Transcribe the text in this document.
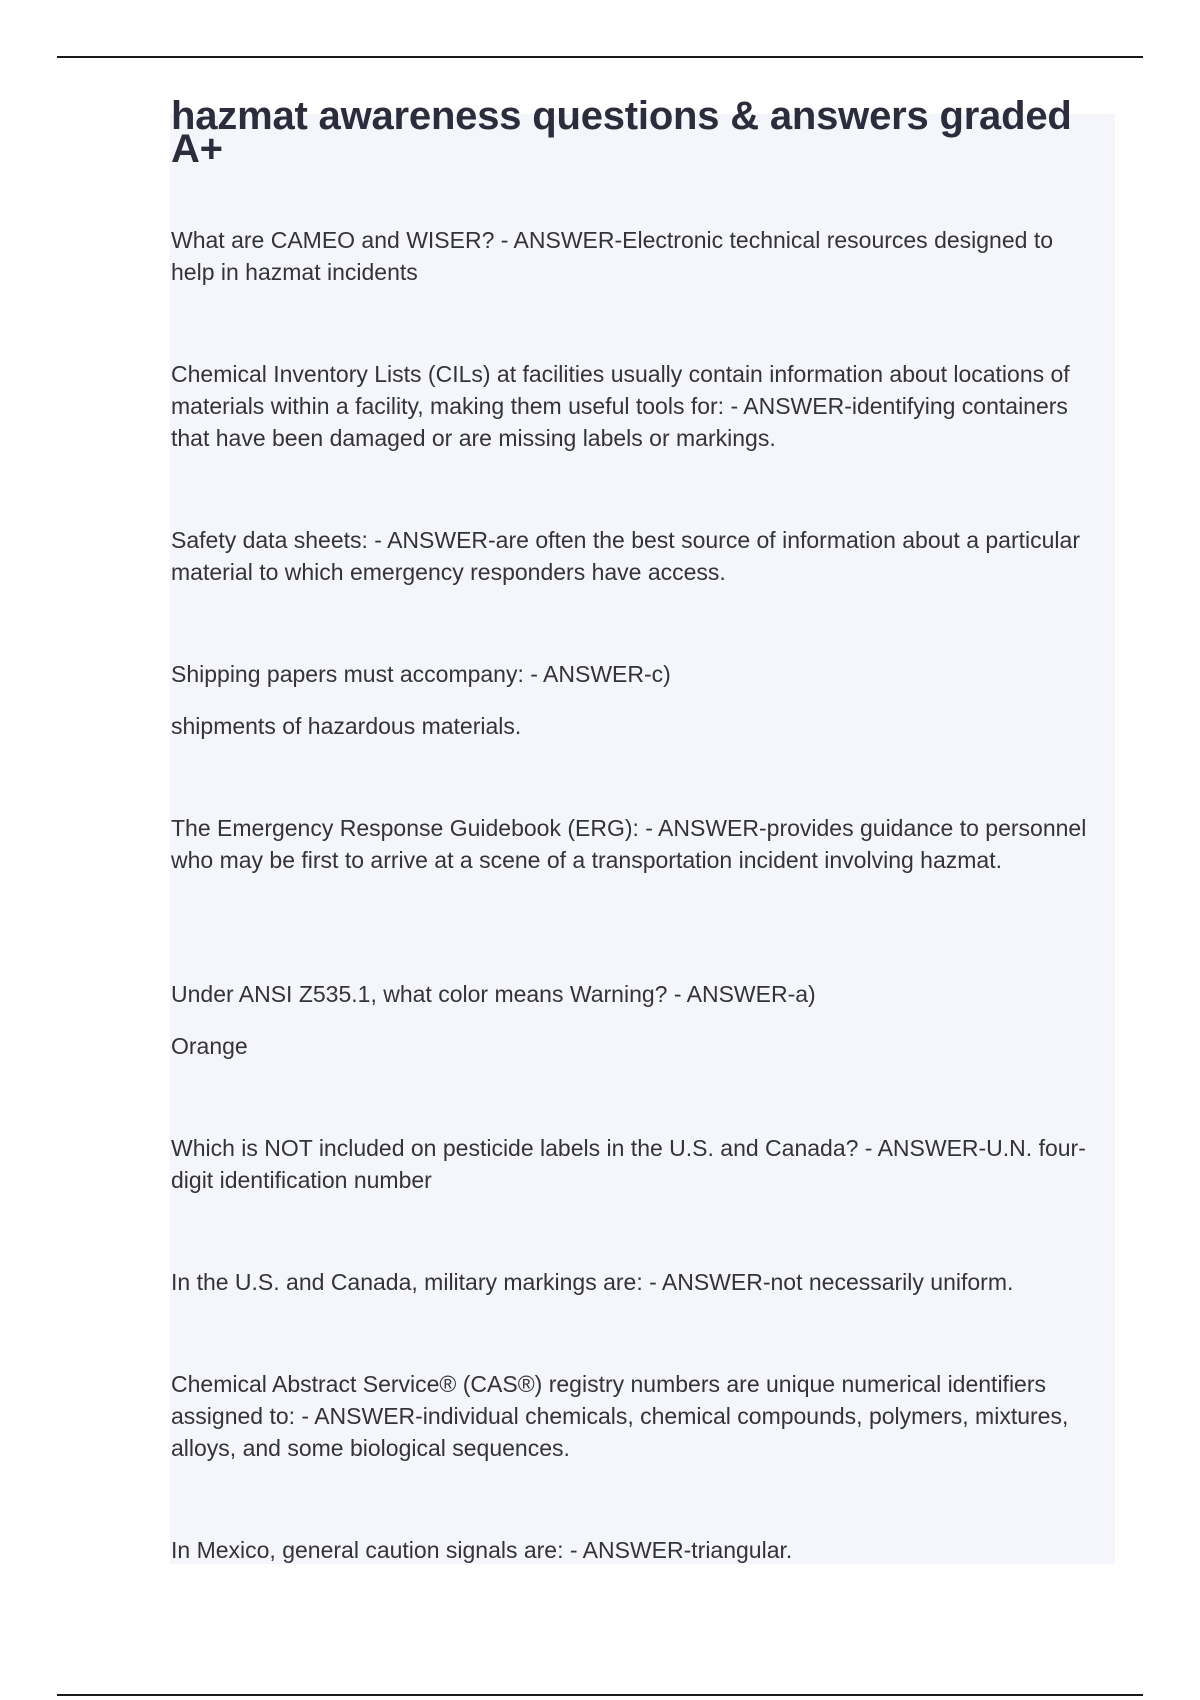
hazmat awareness questions & answers graded A+

What are CAMEO and WISER? - ANSWER-Electronic technical resources designed to help in hazmat incidents

Chemical Inventory Lists (CILs) at facilities usually contain information about locations of materials within a facility, making them useful tools for: - ANSWER-identifying containers that have been damaged or are missing labels or markings.

Safety data sheets: - ANSWER-are often the best source of information about a particular material to which emergency responders have access.

Shipping papers must accompany: - ANSWER-c)

shipments of hazardous materials.

The Emergency Response Guidebook (ERG): - ANSWER-provides guidance to personnel who may be first to arrive at a scene of a transportation incident involving hazmat.

Under ANSI Z535.1, what color means Warning? - ANSWER-a)

Orange

Which is NOT included on pesticide labels in the U.S. and Canada? - ANSWER-U.N. four-digit identification number

In the U.S. and Canada, military markings are: - ANSWER-not necessarily uniform.

Chemical Abstract Service® (CAS®) registry numbers are unique numerical identifiers assigned to: - ANSWER-individual chemicals, chemical compounds, polymers, mixtures, alloys, and some biological sequences.

In Mexico, general caution signals are: - ANSWER-triangular.
